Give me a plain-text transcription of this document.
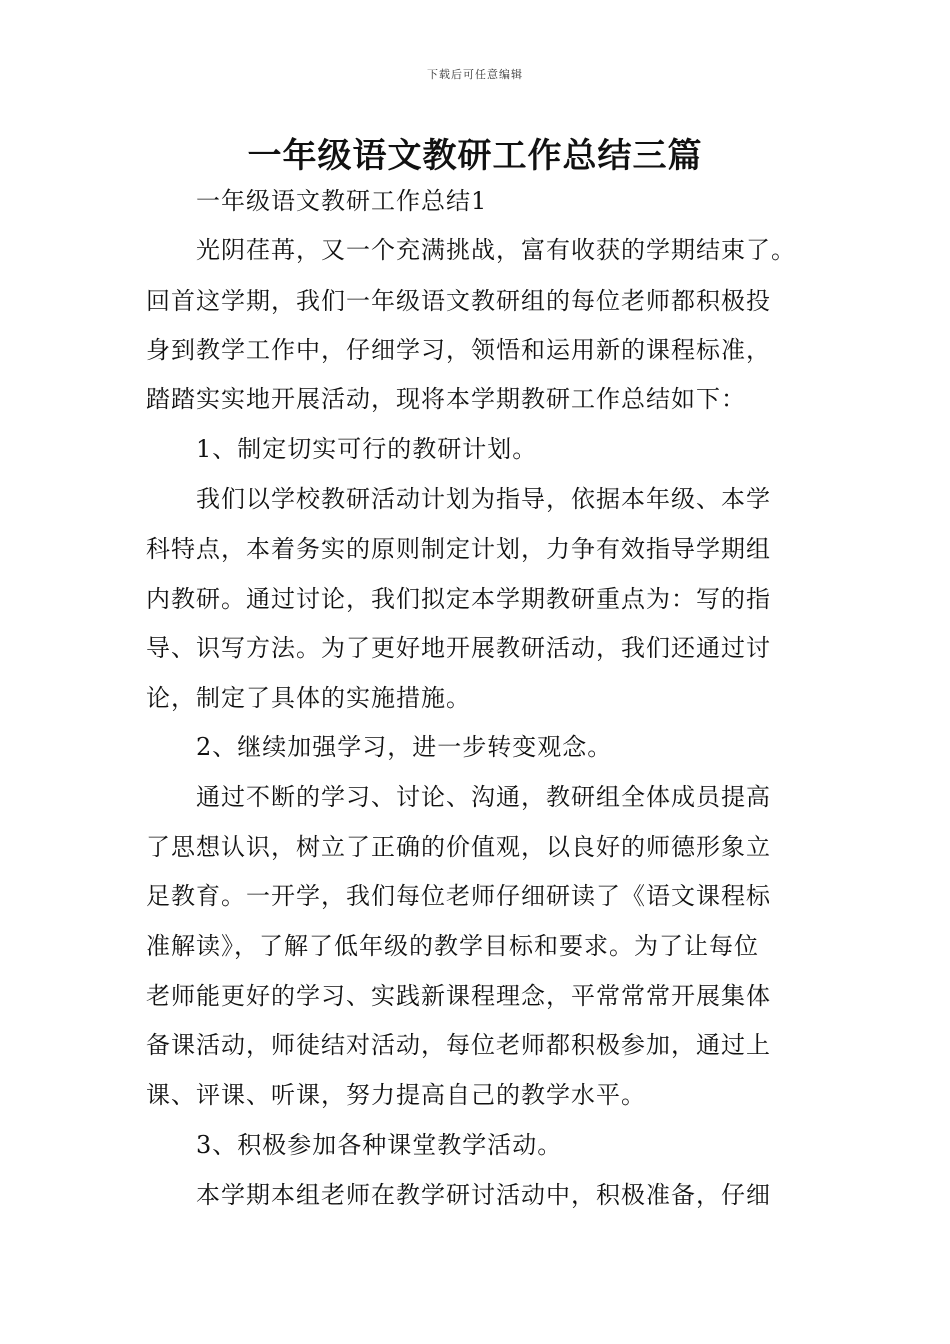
下载后可任意编辑
一年级语文教研工作总结三篇
一年级语文教研工作总结1
光阴荏苒，又一个充满挑战，富有收获的学期结束了。
回首这学期，我们一年级语文教研组的每位老师都积极投
身到教学工作中，仔细学习，领悟和运用新的课程标准，
踏踏实实地开展活动，现将本学期教研工作总结如下：
1、制定切实可行的教研计划。
我们以学校教研活动计划为指导，依据本年级、本学
科特点，本着务实的原则制定计划，力争有效指导学期组
内教研。通过讨论，我们拟定本学期教研重点为：写的指
导、识写方法。为了更好地开展教研活动，我们还通过讨
论，制定了具体的实施措施。
2、继续加强学习，进一步转变观念。
通过不断的学习、讨论、沟通，教研组全体成员提高
了思想认识，树立了正确的价值观，以良好的师德形象立
足教育。一开学，我们每位老师仔细研读了《语文课程标
准解读》，了解了低年级的教学目标和要求。为了让每位
老师能更好的学习、实践新课程理念，平常常常开展集体
备课活动，师徒结对活动，每位老师都积极参加，通过上
课、评课、听课，努力提高自己的教学水平。
3、积极参加各种课堂教学活动。
本学期本组老师在教学研讨活动中，积极准备，仔细
